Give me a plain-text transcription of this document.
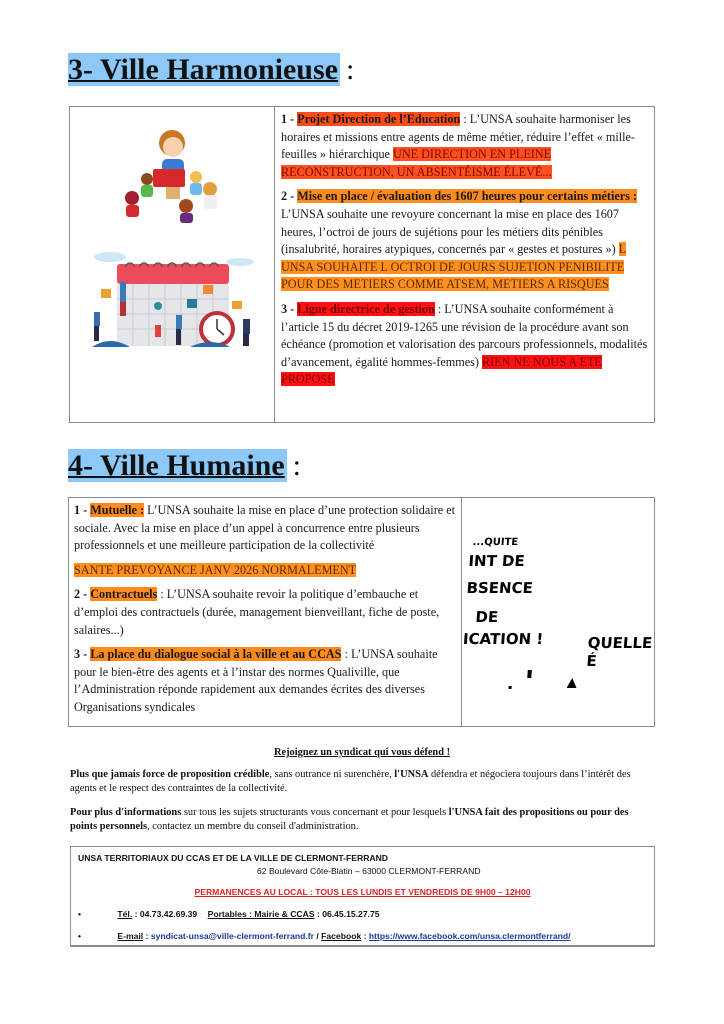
3- Ville Harmonieuse :

1 - Projet Direction de l’Education : L’UNSA souhaite harmoniser les horaires et missions entre agents de même métier, réduire l’effet « mille-feuilles » hiérarchique UNE DIRECTION EN PLEINE RECONSTRUCTION, UN ABSENTÉISME ÉLEVÉ...

2 - Mise en place / évaluation des 1607 heures pour certains métiers : L’UNSA souhaite une revoyure concernant la mise en place des 1607 heures, l’octroi de jours de sujétions pour les métiers dits pénibles (insalubrité, horaires atypiques, concernés par « gestes et postures ») L UNSA SOUHAITE L OCTROI DE JOURS SUJETION PENIBILITE POUR DES METIERS COMME ATSEM, METIERS A RISQUES

3 - Ligne directrice de gestion : L’UNSA souhaite conformément à l’article 15 du décret 2019-1265 une révision de la procédure avant son échéance (promotion et valorisation des parcours professionnels, modalités d’avancement, égalité hommes-femmes) RIEN NE NOUS A ETE PROPOSE

4- Ville Humaine :

1 - Mutuelle : L’UNSA souhaite la mise en place d’une protection solidaire et sociale. Avec la mise en place d’un appel à concurrence entre plusieurs professionnels et une meilleure participation de la collectivité

SANTE PREVOYANCE JANV 2026 NORMALEMENT

2 - Contractuels : L’UNSA souhaite revoir la politique d’embauche et d’emploi des contractuels (durée, management bienveillant, fiche de poste, salaires...)

3 - La place du dialogue social à la ville et au CCAS : L’UNSA souhaite pour le bien-être des agents et à l’instar des normes Qualiville, que l’Administration réponde rapidement aux demandes écrites des diverses Organisations syndicales

...QUITE
INT DE
BSENCE
DE
ICATION !	QUELLE É
Rejoignez un syndicat qui vous défend !
Plus que jamais force de proposition crédible, sans outrance ni surenchère, l'UNSA défendra et négociera toujours dans l’intérêt des agents et le respect des contraintes de la collectivité.
Pour plus d'informations sur tous les sujets structurants vous concernant et pour lesquels l'UNSA fait des propositions ou pour des points personnels, contactez un membre du conseil d'administration.
UNSA TERRITORIAUX DU CCAS ET DE LA VILLE DE CLERMONT-FERRAND
62 Boulevard Côte-Blatin – 63000 CLERMONT-FERRAND
PERMANENCES AU LOCAL : TOUS LES LUNDIS ET VENDREDIS DE 9H00 – 12H00
•	Tél. : 04.73.42.69.39 Portables : Mairie & CCAS : 06.45.15.27.75
•	E-mail : syndicat-unsa@ville-clermont-ferrand.fr / Facebook : https://www.facebook.com/unsa.clermontferrand/
